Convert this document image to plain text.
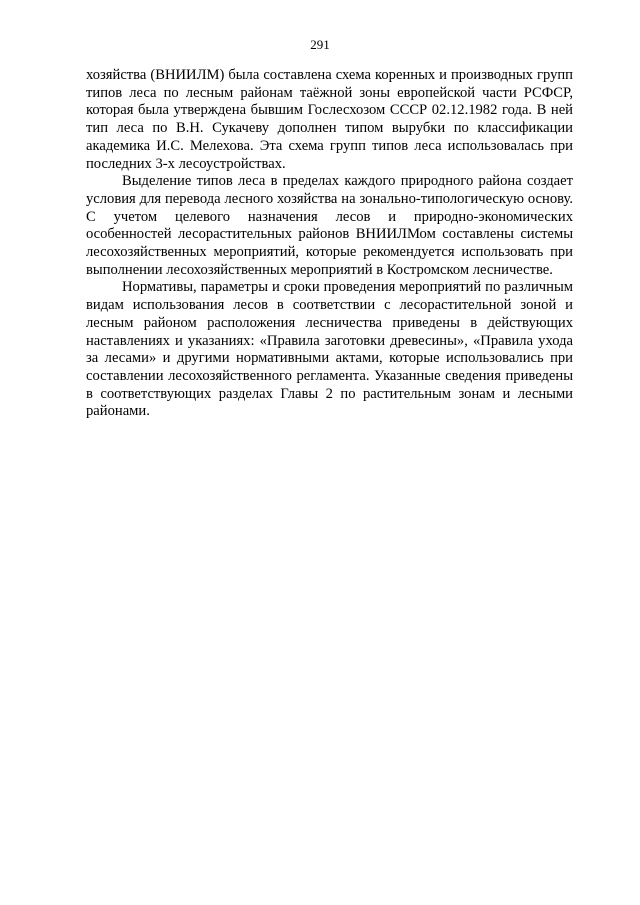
291

хозяйства (ВНИИЛМ) была составлена схема коренных и производных групп типов леса по лесным районам таёжной зоны европейской части РСФСР, которая была утверждена бывшим Гослесхозом СССР 02.12.1982 года. В ней тип леса по В.Н. Сукачеву дополнен типом вырубки по классификации академика И.С. Мелехова. Эта схема групп типов леса использовалась при последних 3-х лесоустройствах.

Выделение типов леса в пределах каждого природного района создает условия для перевода лесного хозяйства на зонально-типологическую основу. С учетом целевого назначения лесов и природно-экономических особенностей лесорастительных районов ВНИИЛМом составлены системы лесохозяйственных мероприятий, которые рекомендуется использовать при выполнении лесохозяйственных мероприятий в Костромском лесничестве.

Нормативы, параметры и сроки проведения мероприятий по различным видам использования лесов в соответствии с лесорастительной зоной и лесным районом расположения лесничества приведены в действующих наставлениях и указаниях: «Правила заготовки древесины», «Правила ухода за лесами» и другими нормативными актами, которые использовались при составлении лесохозяйственного регламента. Указанные сведения приведены в соответствующих разделах Главы 2 по растительным зонам и лесными районами.
